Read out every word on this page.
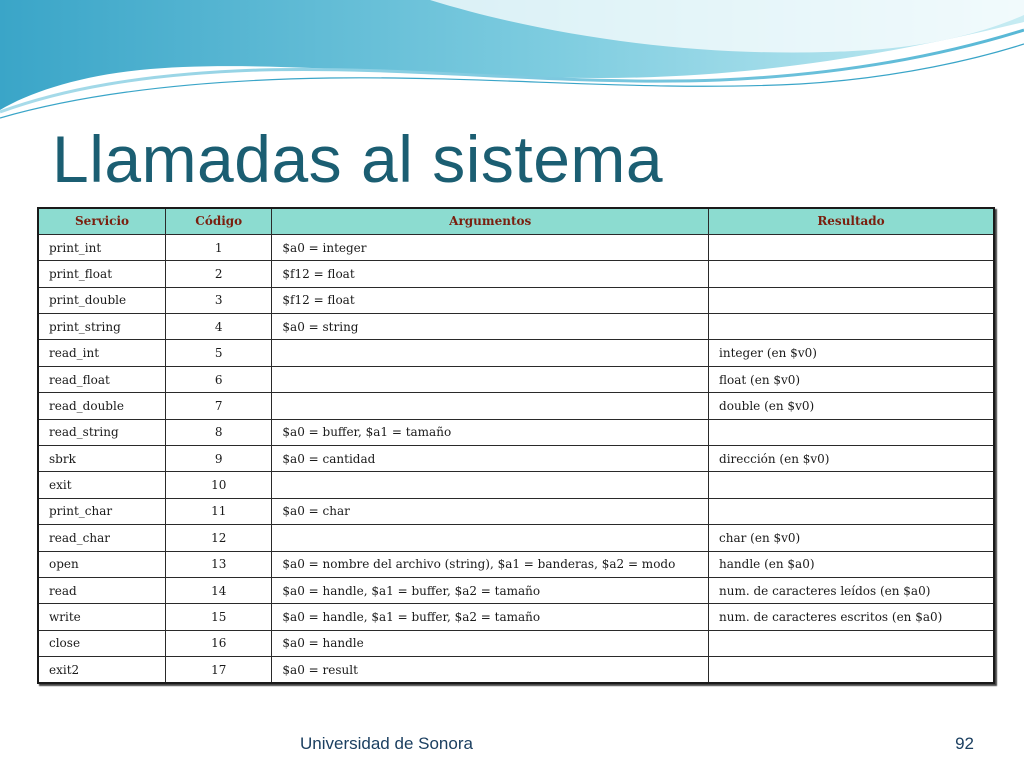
Llamadas al sistema
Servicio	Código	Argumentos	Resultado
print_int	1	$a0 = integer	
print_float	2	$f12 = float	
print_double	3	$f12 = float	
print_string	4	$a0 = string	
read_int	5		integer (en $v0)
read_float	6		float (en $v0)
read_double	7		double (en $v0)
read_string	8	$a0 = buffer, $a1 = tamaño	
sbrk	9	$a0 = cantidad	dirección (en $v0)
exit	10		
print_char	11	$a0 = char	
read_char	12		char (en $v0)
open	13	$a0 = nombre del archivo (string), $a1 = banderas, $a2 = modo	handle (en $a0)
read	14	$a0 = handle, $a1 = buffer, $a2 = tamaño	num. de caracteres leídos (en $a0)
write	15	$a0 = handle, $a1 = buffer, $a2 = tamaño	num. de caracteres escritos (en $a0)
close	16	$a0 = handle	
exit2	17	$a0 = result	
Universidad de Sonora	92
